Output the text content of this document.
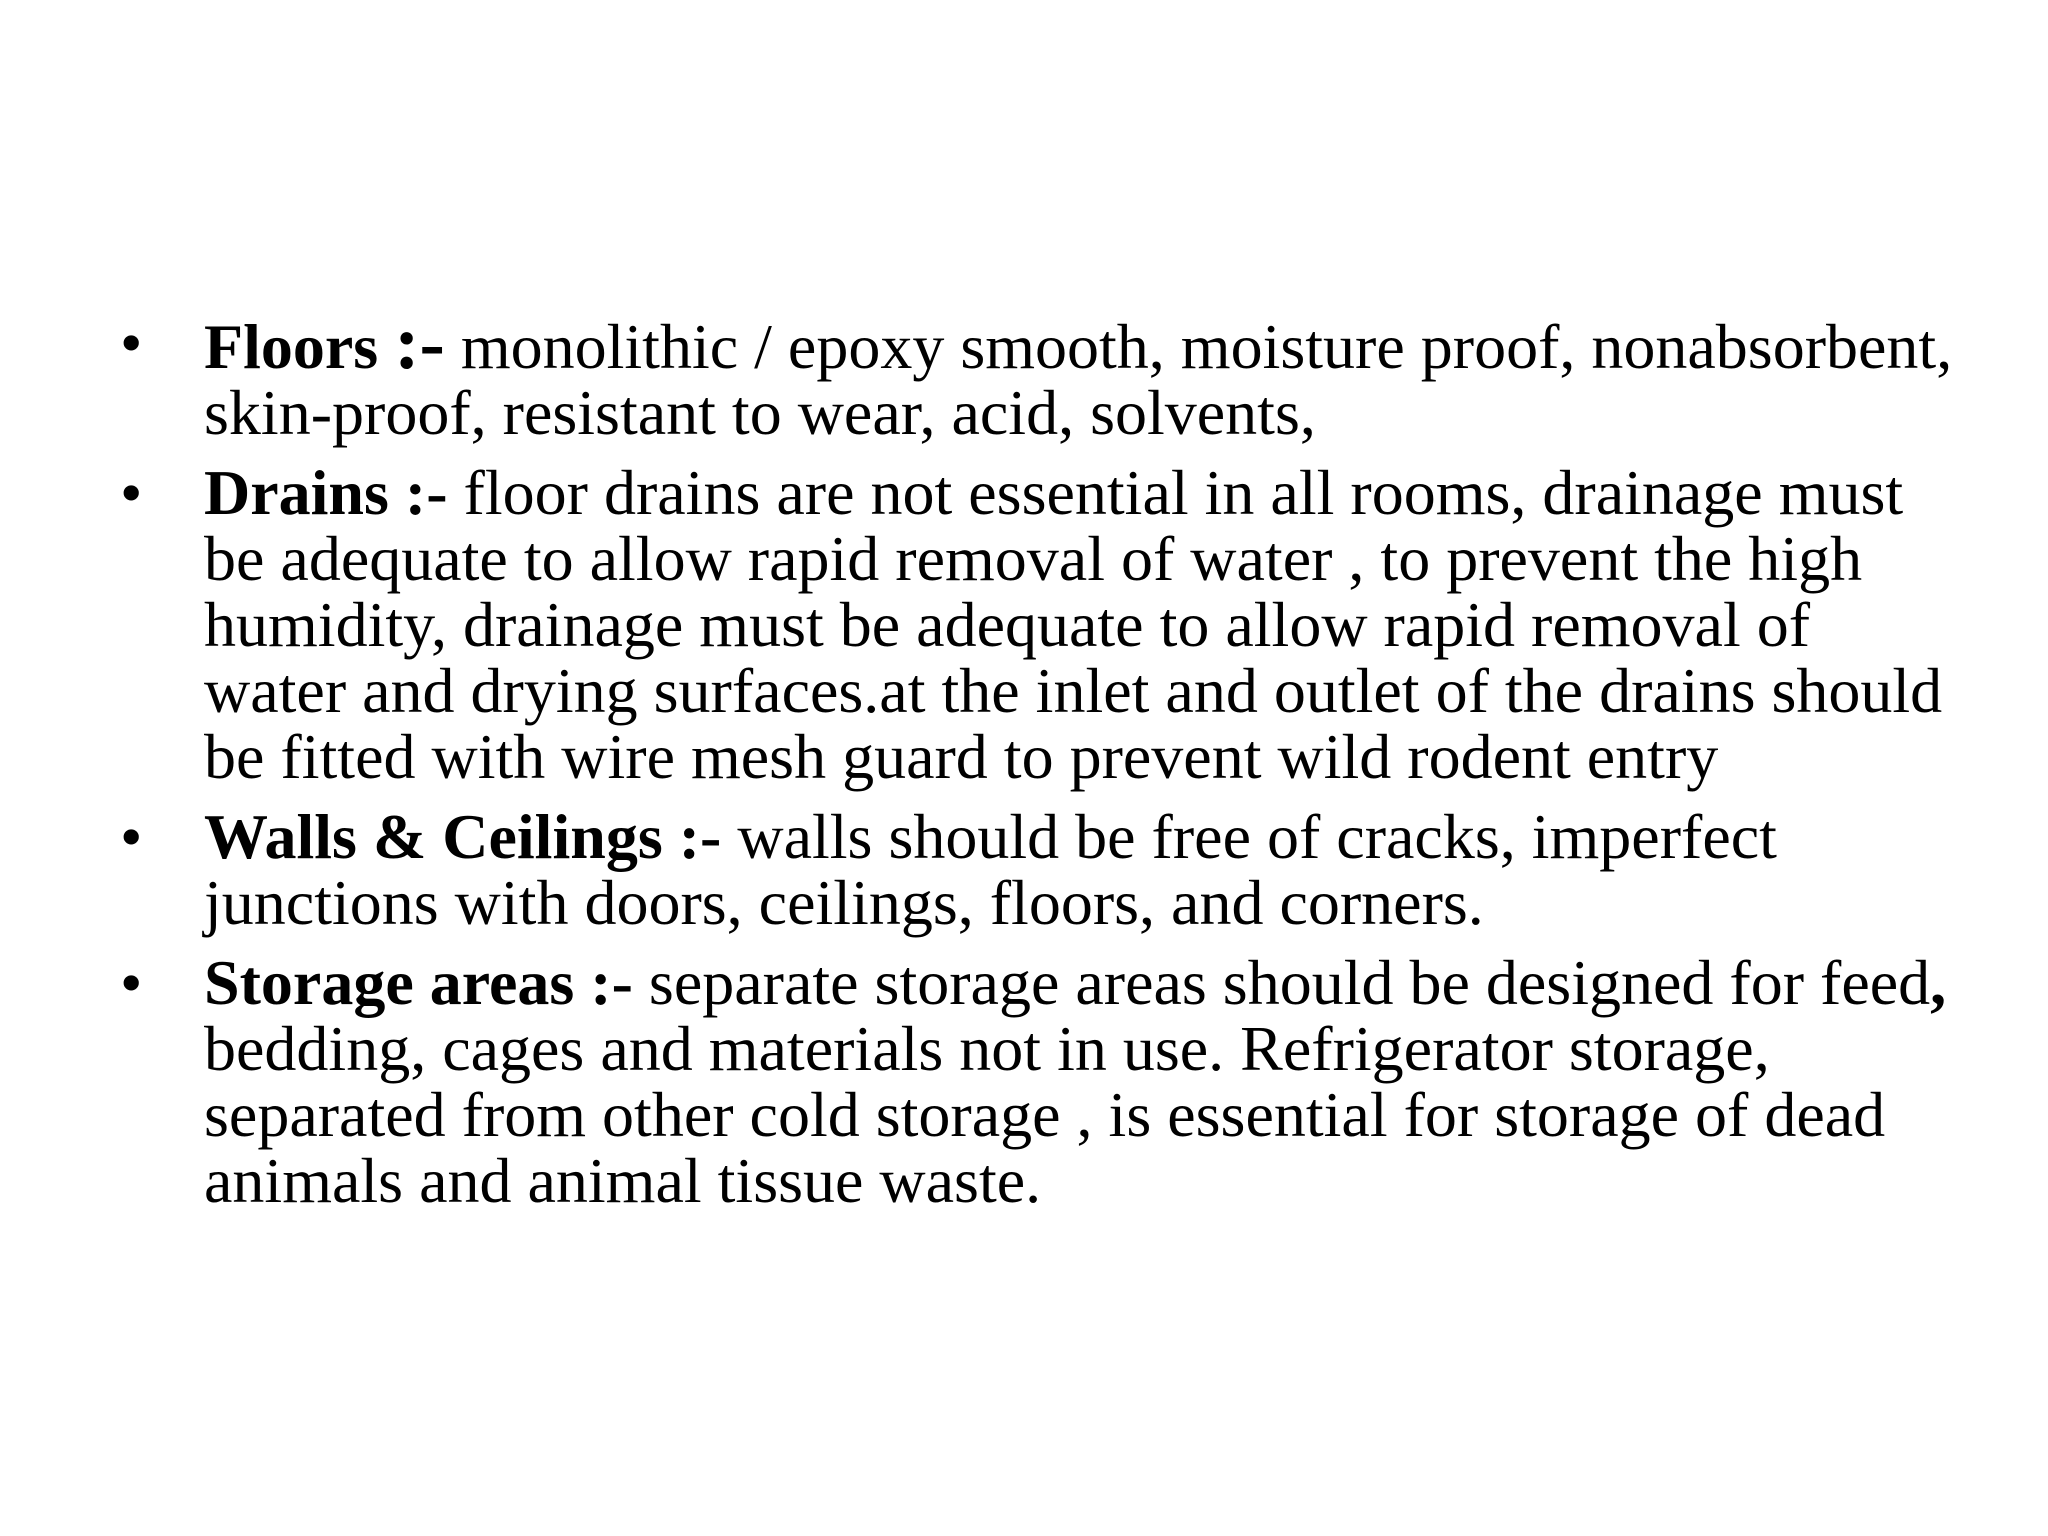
• Floors :- monolithic / epoxy smooth, moisture proof, nonabsorbent, skin-proof, resistant to wear, acid, solvents,
• Drains :- floor drains are not essential in all rooms, drainage must be adequate to allow rapid removal of water , to prevent the high humidity, drainage must be adequate to allow rapid removal of water and drying surfaces.at the inlet and outlet of the drains should be fitted with wire mesh guard to prevent wild rodent entry
• Walls & Ceilings :- walls should be free of cracks, imperfect junctions with doors, ceilings, floors, and corners.
• Storage areas :- separate storage areas should be designed for feed, bedding, cages and materials not in use. Refrigerator storage, separated from other cold storage , is essential for storage of dead animals and animal tissue waste.
